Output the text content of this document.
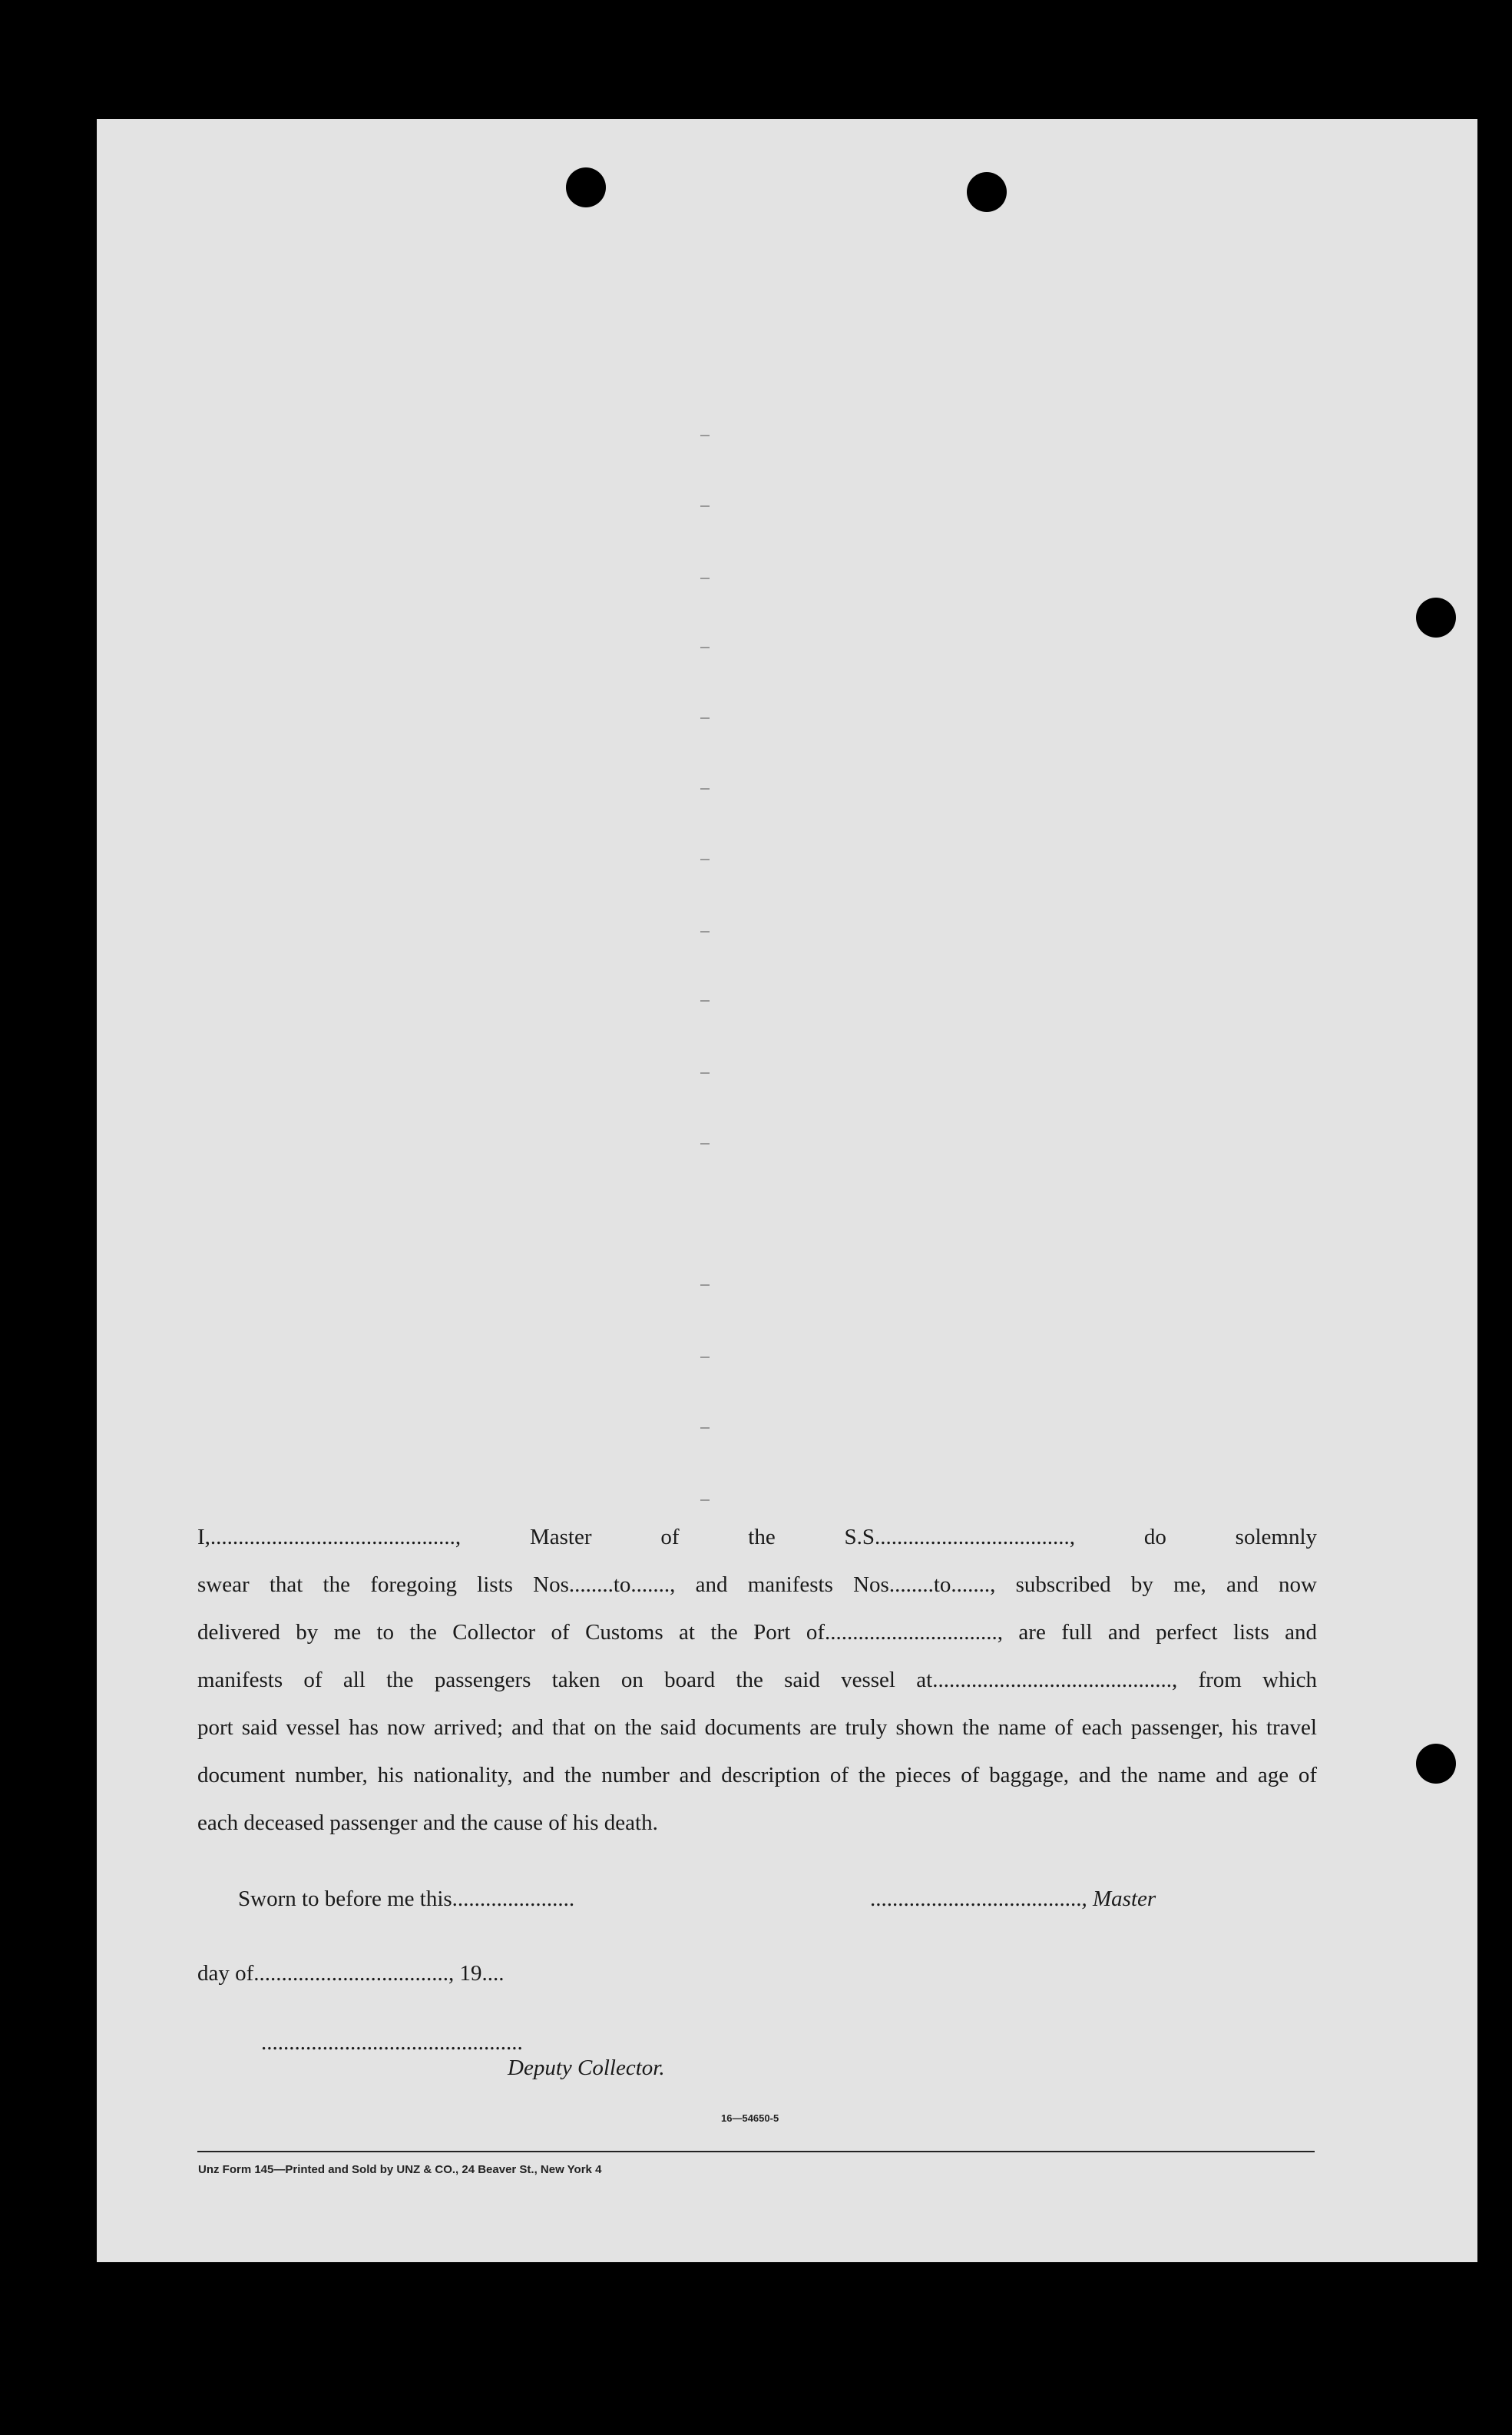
I,............................................, Master of the S.S..................................., do solemnly
swear that the foregoing lists Nos........to......., and manifests Nos........to......., subscribed by me, and now
delivered by me to the Collector of Customs at the Port of..............................., are full and perfect lists and
manifests of all the passengers taken on board the said vessel at..........................................., from which
port said vessel has now arrived; and that on the said documents are truly shown the name of each passenger, his travel
document number, his nationality, and the number and description of the pieces of baggage, and the name and age of
each deceased passenger and the cause of his death.
Sworn to before me this......................	......................................, Master
day of..................................., 19....
...............................................
Deputy Collector.
16—54650-5
Unz Form 145—Printed and Sold by UNZ & CO., 24 Beaver St., New York 4
